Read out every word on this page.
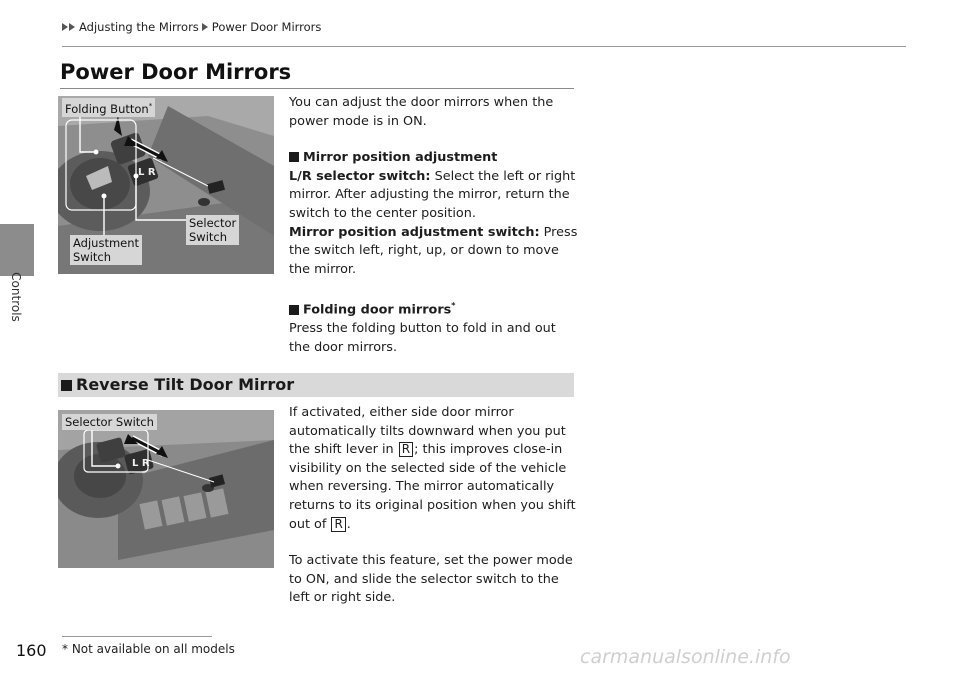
Controls
Adjusting the Mirrors Power Door Mirrors
Power Door Mirrors
L R
Folding Button*
Selector
Switch
Adjustment
Switch

You can adjust the door mirrors when the power mode is in ON.

Mirror position adjustment

L/R selector switch: Select the left or right mirror. After adjusting the mirror, return the switch to the center position.

Mirror position adjustment switch: Press the switch left, right, up, or down to move the mirror.

Folding door mirrors*

Press the folding button to fold in and out the door mirrors.

Reverse Tilt Door Mirror
L R
Selector Switch

If activated, either side door mirror automatically tilts downward when you put the shift lever in R ; this improves close-in visibility on the selected side of the vehicle when reversing. The mirror automatically returns to its original position when you shift out of R .

To activate this feature, set the power mode to ON, and slide the selector switch to the left or right side.

160 * Not available on all models	carmanualsonline.info
